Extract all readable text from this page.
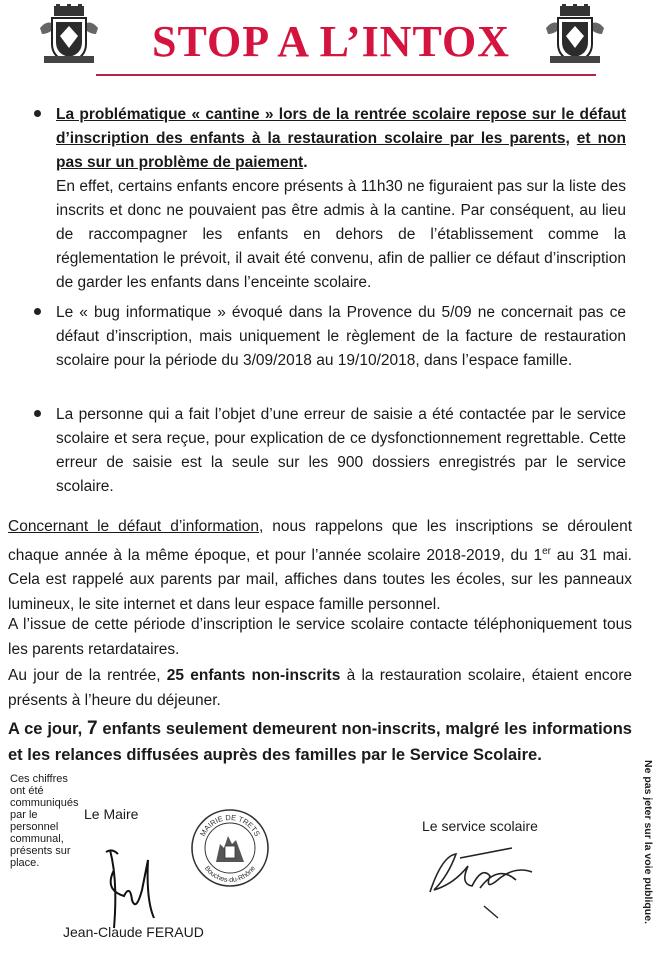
STOP A L’INTOX
La problématique « cantine » lors de la rentrée scolaire repose sur le défaut d’inscription des enfants à la restauration scolaire par les parents, et non pas sur un problème de paiement.
En effet, certains enfants encore présents à 11h30 ne figuraient pas sur la liste des inscrits et donc ne pouvaient pas être admis à la cantine. Par conséquent, au lieu de raccompagner les enfants en dehors de l’établissement comme la réglementation le prévoit, il avait été convenu, afin de pallier ce défaut d’inscription de garder les enfants dans l’enceinte scolaire.
Le « bug informatique » évoqué dans la Provence du 5/09 ne concernait pas ce défaut d’inscription, mais uniquement le règlement de la facture de restauration scolaire pour la période du 3/09/2018 au 19/10/2018, dans l’espace famille.
La personne qui a fait l’objet d’une erreur de saisie a été contactée par le service scolaire et sera reçue, pour explication de ce dysfonctionnement regrettable. Cette erreur de saisie est la seule sur les 900 dossiers enregistrés par le service scolaire.
Concernant le défaut d’information, nous rappelons que les inscriptions se déroulent chaque année à la même époque, et pour l’année scolaire 2018-2019, du 1er au 31 mai. Cela est rappelé aux parents par mail, affiches dans toutes les écoles, sur les panneaux lumineux, le site internet et dans leur espace famille personnel.
A l’issue de cette période d’inscription le service scolaire contacte téléphoniquement tous les parents retardataires.
Au jour de la rentrée, 25 enfants non-inscrits à la restauration scolaire, étaient encore présents à l’heure du déjeuner.
A ce jour, 7 enfants seulement demeurent non-inscrits, malgré les informations et les relances diffusées auprès des familles par le Service Scolaire.
Ces chiffres ont été communiqués par le personnel communal, présents sur place.
Le Maire
MAIRIE DE TRETS
Bouches-du-Rhône
Jean-Claude FERAUD
Le service scolaire	Ne pas jeter sur la voie publique.
